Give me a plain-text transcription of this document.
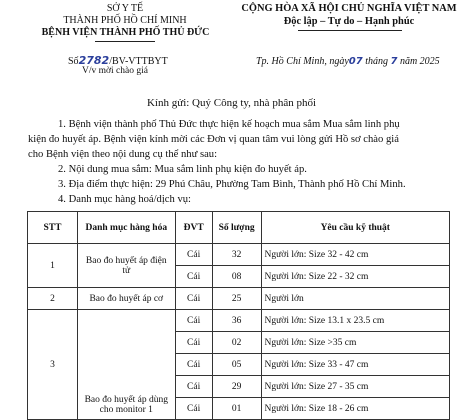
SỞ Y TẾ
THÀNH PHỐ HỒ CHÍ MINH
BỆNH VIỆN THÀNH PHỐ THỦ ĐỨC
CỘNG HÒA XÃ HỘI CHỦ NGHĨA VIỆT NAM
Độc lập – Tự do – Hạnh phúc
Số2782/BV-VTTBYT
V/v mời chào giá
Tp. Hồ Chí Minh, ngày07 tháng 7 năm 2025
Kính gửi: Quý Công ty, nhà phân phối
1. Bệnh viện thành phố Thủ Đức thực hiện kế hoạch mua sắm Mua sắm linh phụ
kiện đo huyết áp. Bệnh viện kính mời các Đơn vị quan tâm vui lòng gửi Hồ sơ chào giá
cho Bệnh viện theo nội dung cụ thể như sau:
2. Nội dung mua sắm: Mua sắm linh phụ kiện đo huyết áp.
3. Địa điểm thực hiện: 29 Phú Châu, Phường Tam Bình, Thành phố Hồ Chí Minh.
4. Danh mục hàng hoá/dịch vụ:
STT	Danh mục hàng hóa	ĐVT	Số lượng	Yêu cầu kỹ thuật
1	Bao đo huyết áp điện tử	Cái	32	Người lớn: Size 32 - 42 cm
		Cái	08	Người lớn: Size 22 - 32 cm
2	Bao đo huyết áp cơ	Cái	25	Người lớn
3	Bao đo huyết áp dùng cho monitor 1	Cái	36	Người lớn: Size 13.1 x 23.5 cm
		Cái	02	Người lớn: Size >35 cm
		Cái	05	Người lớn: Size 33 - 47 cm
		Cái	29	Người lớn: Size 27 - 35 cm
		Cái	01	Người lớn: Size 18 - 26 cm
